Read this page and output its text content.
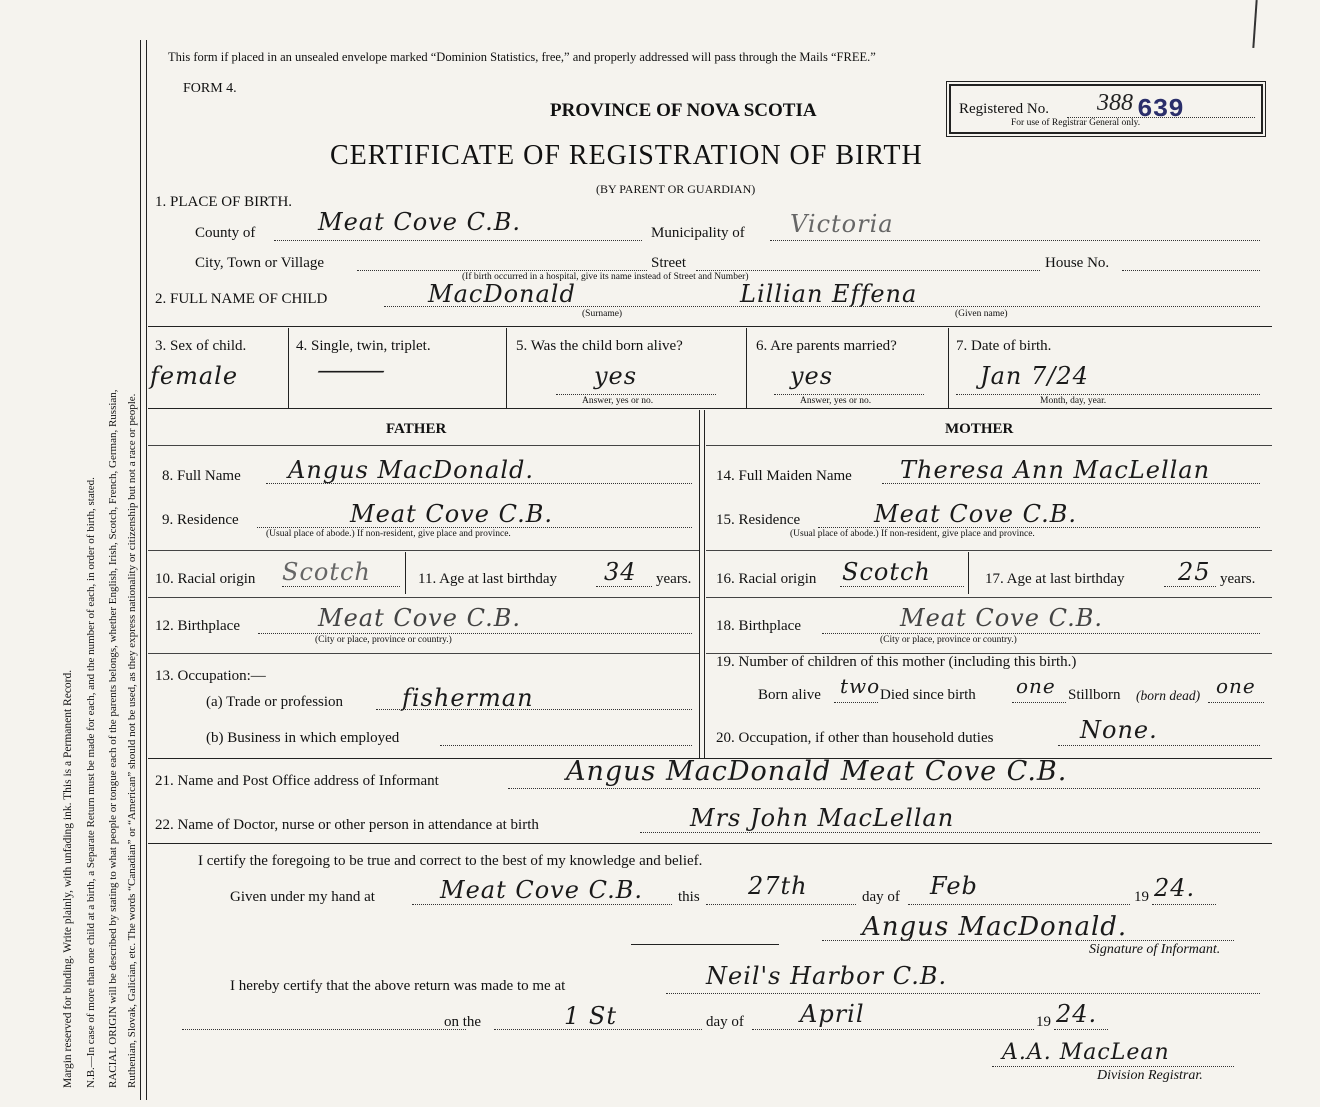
Margin reserved for binding. Write plainly, with unfading ink. This is a Permanent Record. N.B.—In case of more than one child at a birth, a Separate Return must be made for each, and the number of each, in order of birth, stated. RACIAL ORIGIN will be described by stating to what people or tongue each of the parents belongs, whether English, Irish, Scotch, French, German, Russian, Ruthenian, Slovak, Galician, etc. The words “Canadian” or “American” should not be used, as they express nationality or citizenship but not a race or people.
This form if placed in an unsealed envelope marked “Dominion Statistics, free,” and properly addressed will pass through the Mails “FREE.”
FORM 4.
PROVINCE OF NOVA SCOTIA	Registered No. 388 639
For use of Registrar General only.
CERTIFICATE OF REGISTRATION OF BIRTH
(BY PARENT OR GUARDIAN)
1. PLACE OF BIRTH.
County of	Meat Cove C.B.	Municipality of Victoria
City, Town or Village	Street	House No.
(If birth occurred in a hospital, give its name instead of Street and Number)
2. FULL NAME OF CHILD	MacDonald	Lillian Effena
(Surname)	(Given name)
3. Sex of child.
female
4. Single, twin, triplet.
—
5. Was the child born alive?
yes
Answer, yes or no.
6. Are parents married?
yes
Answer, yes or no.
7. Date of birth.
Jan 7/24
Month, day, year.
FATHER	MOTHER
8. Full Name Angus MacDonald.
9. Residence	Meat Cove C.B.
(Usual place of abode.) If non-resident, give place and province.
10. Racial origin Scotch	11. Age at last birthday 34 years.
12. Birthplace	Meat Cove C.B.
(City or place, province or country.)
13. Occupation:—
(a) Trade or profession fisherman
(b) Business in which employed
14. Full Maiden Name Theresa Ann MacLellan
15. Residence	Meat Cove C.B.
(Usual place of abode.) If non-resident, give place and province.
16. Racial origin Scotch	17. Age at last birthday 25 years.
18. Birthplace	Meat Cove C.B.
(City or place, province or country.)
19. Number of children of this mother (including this birth.)
Born alive two Died since birth one Stillborn (born dead) one
20. Occupation, if other than household duties	None.
21. Name and Post Office address of Informant	Angus MacDonald Meat Cove C.B.
22. Name of Doctor, nurse or other person in attendance at birth	Mrs John MacLellan
I certify the foregoing to be true and correct to the best of my knowledge and belief.
Given under my hand at	Meat Cove C.B. this 27th	day of Feb	19 24.
Angus MacDonald.
Signature of Informant.
I hereby certify that the above return was made to me at	Neil's Harbor C.B.
on the	1 St	day of April	19 24.
A.A. MacLean
Division Registrar.
